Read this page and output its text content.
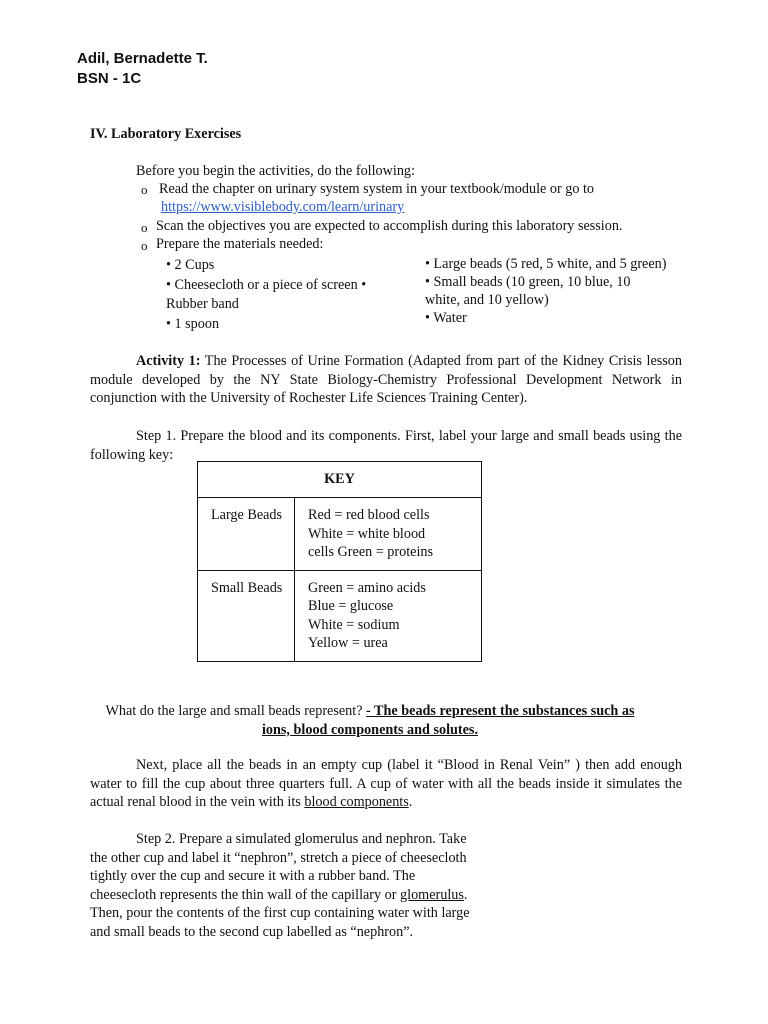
Adil, Bernadette T.
BSN - 1C
IV. Laboratory Exercises
Before you begin the activities, do the following:
o Read the chapter on urinary system system in your textbook/module or go to
https://www.visiblebody.com/learn/urinary
o Scan the objectives you are expected to accomplish during this laboratory session.
o Prepare the materials needed:
• 2 Cups
• Cheesecloth or a piece of screen •
Rubber band
• 1 spoon
• Large beads (5 red, 5 white, and 5 green)
• Small beads (10 green, 10 blue, 10
white, and 10 yellow)
• Water
Activity 1: The Processes of Urine Formation (Adapted from part of the Kidney Crisis lesson module developed by the NY State Biology-Chemistry Professional Development Network in conjunction with the University of Rochester Life Sciences Training Center).
Step 1. Prepare the blood and its components. First, label your large and small beads using the following key:
KEY	
Large Beads	Red = red blood cells
White = white blood
cells Green = proteins

Small Beads	Green = amino acids
Blue = glucose
White = sodium
Yellow = urea
What do the large and small beads represent? - The beads represent the substances such as
ions, blood components and solutes.
Next, place all the beads in an empty cup (label it “Blood in Renal Vein” ) then add enough water to fill the cup about three quarters full. A cup of water with all the beads inside it simulates the actual renal blood in the vein with its blood components.
Step 2. Prepare a simulated glomerulus and nephron. Take
the other cup and label it “nephron”, stretch a piece of cheesecloth
tightly over the cup and secure it with a rubber band. The
cheesecloth represents the thin wall of the capillary or glomerulus.
Then, pour the contents of the first cup containing water with large
and small beads to the second cup labelled as “nephron”.
